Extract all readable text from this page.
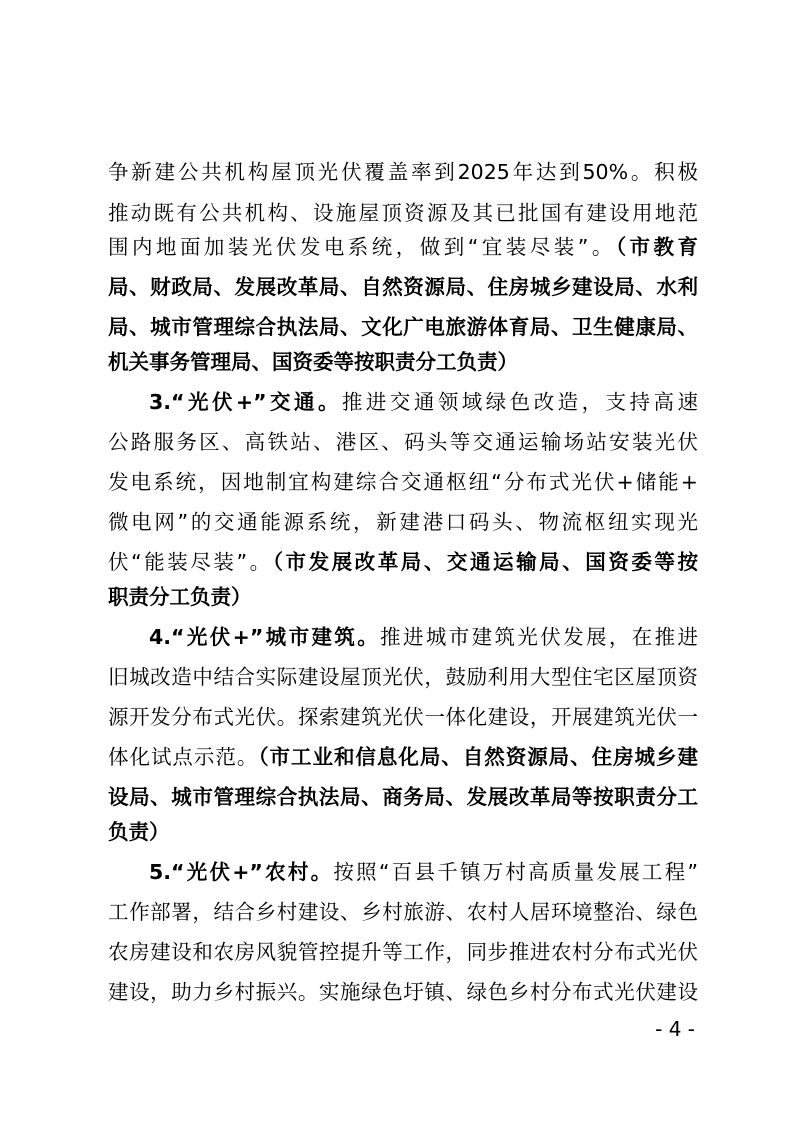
争新建公共机构屋顶光伏覆盖率到2025年达到50%。积极
推动既有公共机构、设施屋顶资源及其已批国有建设用地范
围内地面加装光伏发电系统，做到“宜装尽装”。（市教育
局、财政局、发展改革局、自然资源局、住房城乡建设局、水利
局、城市管理综合执法局、文化广电旅游体育局、卫生健康局、
机关事务管理局、国资委等按职责分工负责）
3.“光伏+”交通。推进交通领域绿色改造，支持高速
公路服务区、高铁站、港区、码头等交通运输场站安装光伏
发电系统，因地制宜构建综合交通枢纽“分布式光伏+储能+
微电网”的交通能源系统，新建港口码头、物流枢纽实现光
伏“能装尽装”。（市发展改革局、交通运输局、国资委等按
职责分工负责）
4.“光伏+”城市建筑。推进城市建筑光伏发展，在推进
旧城改造中结合实际建设屋顶光伏，鼓励利用大型住宅区屋顶资
源开发分布式光伏。探索建筑光伏一体化建设，开展建筑光伏一
体化试点示范。（市工业和信息化局、自然资源局、住房城乡建
设局、城市管理综合执法局、商务局、发展改革局等按职责分工
负责）
5.“光伏+”农村。按照“百县千镇万村高质量发展工程”
工作部署，结合乡村建设、乡村旅游、农村人居环境整治、绿色
农房建设和农房风貌管控提升等工作，同步推进农村分布式光伏
建设，助力乡村振兴。实施绿色圩镇、绿色乡村分布式光伏建设
- 4 -
